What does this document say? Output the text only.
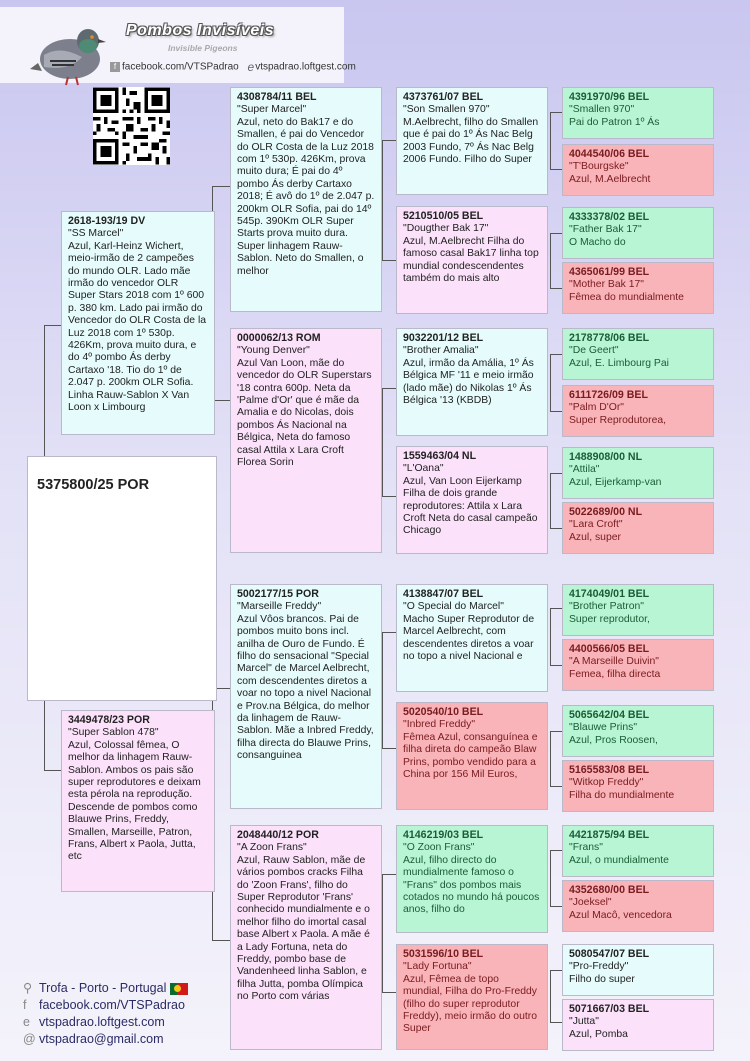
Pombos Invisíveis
Invisible Pigeons
f facebook.com/VTSPadrao evtspadrao.loftgest.com
5375800/25 POR
2618-193/19 DV
"SS Marcel"
Azul, Karl-Heinz Wichert, meio-irmão de 2 campeões do mundo OLR. Lado mãe irmão do vencedor OLR Super Stars 2018 com 1º 600 p. 380 km. Lado pai irmão do Vencedor do OLR Costa de la Luz 2018 com 1º 530p. 426Km, prova muito dura, e do 4º pombo Ás derby Cartaxo '18. Tio do 1º de 2.047 p. 200km OLR Sofia. Linha Rauw-Sablon X Van Loon x Limbourg
3449478/23 POR
"Super Sablon 478"
Azul, Colossal fêmea, O melhor da linhagem Rauw-Sablon. Ambos os pais são super reprodutores e deixam esta pérola na reprodução. Descende de pombos como Blauwe Prins, Freddy, Smallen, Marseille, Patron, Frans, Albert x Paola, Jutta, etc
4308784/11 BEL
"Super Marcel"
Azul, neto do Bak17 e do Smallen, é pai do Vencedor do OLR Costa de la Luz 2018 com 1º 530p. 426Km, prova muito dura; É pai do 4º pombo Ás derby Cartaxo 2018; É avô do 1º de 2.047 p. 200km OLR Sofia, pai do 14º 545p. 390Km OLR Super Starts prova muito dura. Super linhagem Rauw-Sablon. Neto do Smallen, o melhor
0000062/13 ROM
"Young Denver"
Azul Van Loon, mãe do vencedor do OLR Superstars '18 contra 600p. Neta da 'Palme d'Or' que é mãe da Amalia e do Nicolas, dois pombos Ás Nacional na Bélgica, Neta do famoso casal Attila x Lara Croft Florea Sorin
5002177/15 POR
"Marseille Freddy"
Azul Vôos brancos. Pai de pombos muito bons incl. anilha de Ouro de Fundo. É filho do sensacional "Special Marcel" de Marcel Aelbrecht, com descendentes diretos a voar no topo a nivel Nacional e Prov.na Bélgica, do melhor da linhagem de Rauw-Sablon. Mãe a Inbred Freddy, filha directa do Blauwe Prins, consanguinea
2048440/12 POR
"A Zoon Frans"
Azul, Rauw Sablon, mãe de vários pombos cracks Filha do 'Zoon Frans', filho do Super Reprodutor 'Frans' conhecido mundialmente e o melhor filho do imortal casal base Albert x Paola. A mãe é a Lady Fortuna, neta do Freddy, pombo base de Vandenheed linha Sablon, e filha Jutta, pomba Olímpica no Porto com várias
4373761/07 BEL
"Son Smallen 970"
M.Aelbrecht, filho do Smallen que é pai do 1º Ás Nac Belg 2003 Fundo, 7º Ás Nac Belg 2006 Fundo. Filho do Super
5210510/05 BEL
"Dougther Bak 17"
Azul, M.Aelbrecht Filha do famoso casal Bak17 linha top mundial condescendentes também do mais alto
9032201/12 BEL
"Brother Amalia"
Azul, irmão da Amália, 1º Ás Bélgica MF '11 e meio irmão (lado mãe) do Nikolas 1º Ás Bélgica '13 (KBDB)
1559463/04 NL
"L'Oana"
Azul, Van Loon Eijerkamp Filha de dois grande reprodutores: Attila x Lara Croft Neta do casal campeão Chicago
4138847/07 BEL
"O Special do Marcel"
Macho Super Reprodutor de Marcel Aelbrecht, com descendentes diretos a voar no topo a nivel Nacional e
5020540/10 BEL
"Inbred Freddy"
Fêmea Azul, consanguínea e filha direta do campeão Blaw Prins, pombo vendido para a China por 156 Mil Euros,
4146219/03 BEL
"O Zoon Frans"
Azul, filho directo do mundialmente famoso o "Frans" dos pombos mais cotados no mundo há poucos anos, filho do
5031596/10 BEL
"Lady Fortuna"
Azul, Fêmea de topo mundial, Filha do Pro-Freddy (filho do super reprodutor Freddy), meio irmão do outro Super
4391970/96 BEL
"Smallen 970"
Pai do Patron 1º Ás
4044540/06 BEL
"T'Bourgske"
Azul, M.Aelbrecht
4333378/02 BEL
"Father Bak 17"
O Macho do
4365061/99 BEL
"Mother Bak 17"
Fêmea do mundialmente
2178778/06 BEL
"De Geert"
Azul, E. Limbourg Pai
6111726/09 BEL
"Palm D'Or"
Super Reprodutorea,
1488908/00 NL
"Attila"
Azul, Eijerkamp-van
5022689/00 NL
"Lara Croft"
Azul, super
4174049/01 BEL
"Brother Patron"
Super reprodutor,
4400566/05 BEL
"A Marseille Duivin"
Femea, filha directa
5065642/04 BEL
"Blauwe Prins"
Azul, Pros Roosen,
5165583/08 BEL
"Witkop Freddy"
Filha do mundialmente
4421875/94 BEL
"Frans"
Azul, o mundialmente
4352680/00 BEL
"Joeksel"
Azul Macô, vencedora
5080547/07 BEL
"Pro-Freddy"
Filho do super
5071667/03 BEL
"Jutta"
Azul, Pomba
⚲ Trofa - Porto - Portugal
f facebook.com/VTSPadrao
e vtspadrao.loftgest.com
@ vtspadrao@gmail.com
